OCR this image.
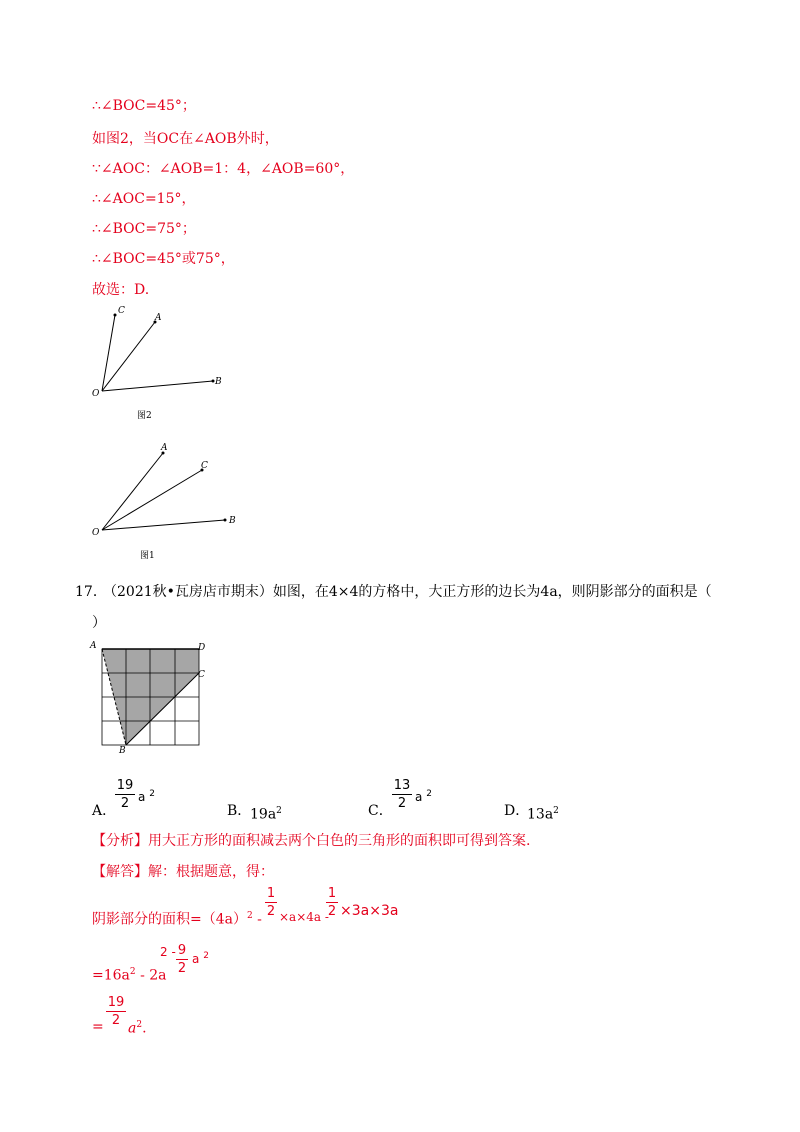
∴∠BOC=45°；
如图2，当OC在∠AOB外时，
∵∠AOC：∠AOB=1：4，∠AOB=60°，
∴∠AOC=15°，
∴∠BOC=75°；
∴∠BOC=45°或75°，
故选：D.
C
A
B
O
图2
A
C
B
O
图1
17．
（2021秋•瓦房店市期末）如图，在4×4的方格中，大正方形的边长为4a，则阴影部分的面积是（
）
A	D
C
B
A．
19
2 a $^2$
B．
$19a^2$	C．
13
2 a $^2$
D．
$13a^2$
【分析】用大正方形的面积减去两个白色的三角形的面积即可得到答案.
【解答】解：根据题意，得：
阴影部分的面积$=(4a)^2$ -
1
2 ×a×4a -
1
2 ×3a×3a
$=16a^2 - 2a$
2 - 9
2
a $^2$
=
19
2
$a^2$.
